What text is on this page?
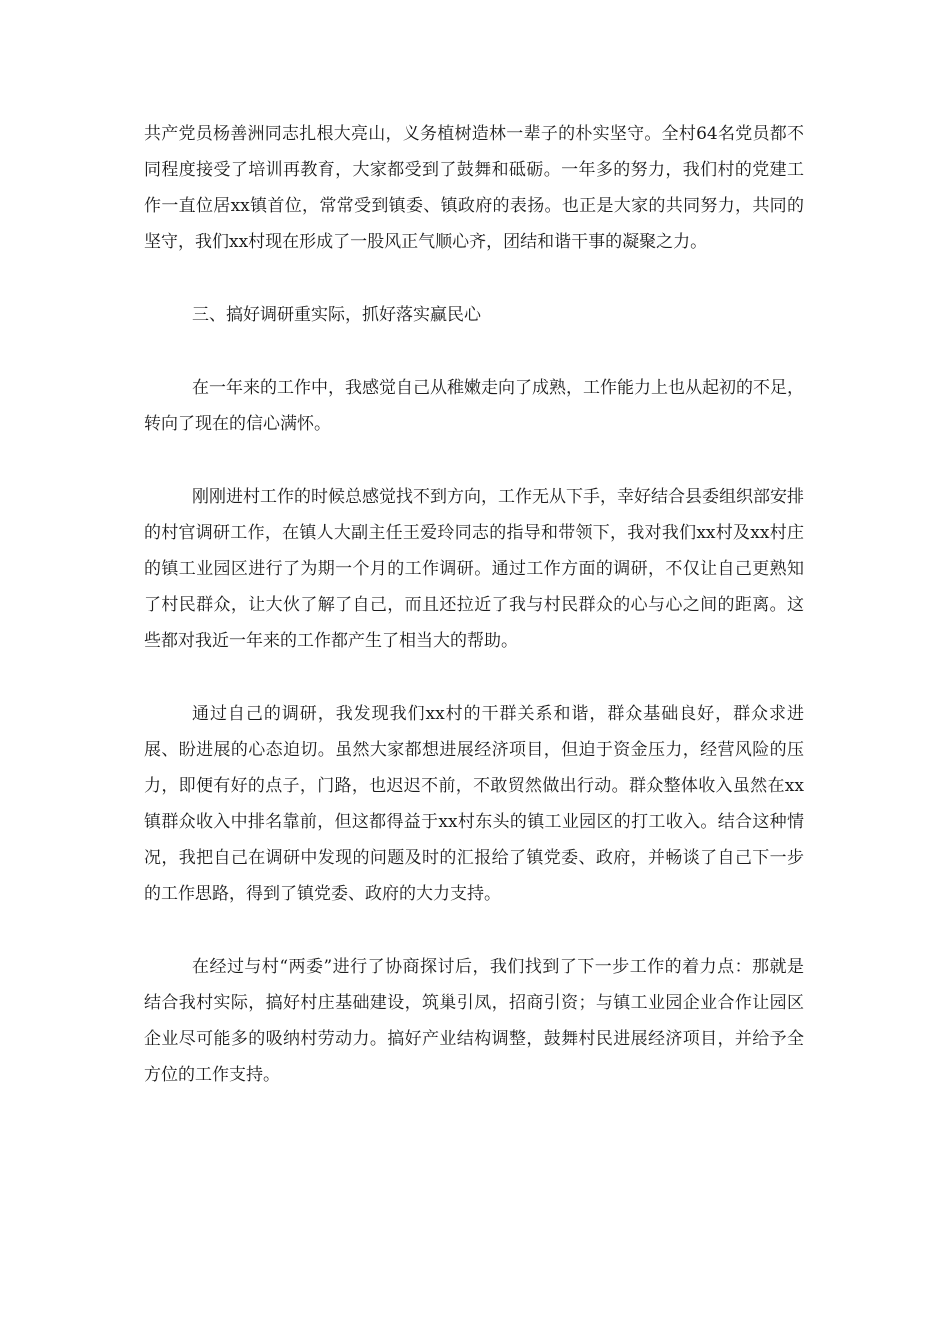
共产党员杨善洲同志扎根大亮山，义务植树造林一辈子的朴实坚守。全村64名党员都不同程度接受了培训再教育，大家都受到了鼓舞和砥砺。一年多的努力，我们村的党建工作一直位居xx镇首位，常常受到镇委、镇政府的表扬。也正是大家的共同努力，共同的坚守，我们xx村现在形成了一股风正气顺心齐，团结和谐干事的凝聚之力。

三、搞好调研重实际，抓好落实赢民心

在一年来的工作中，我感觉自己从稚嫩走向了成熟，工作能力上也从起初的不足，转向了现在的信心满怀。

刚刚进村工作的时候总感觉找不到方向，工作无从下手，幸好结合县委组织部安排的村官调研工作，在镇人大副主任王爱玲同志的指导和带领下，我对我们xx村及xx村庄的镇工业园区进行了为期一个月的工作调研。通过工作方面的调研，不仅让自己更熟知了村民群众，让大伙了解了自己，而且还拉近了我与村民群众的心与心之间的距离。这些都对我近一年来的工作都产生了相当大的帮助。

通过自己的调研，我发现我们xx村的干群关系和谐，群众基础良好，群众求进展、盼进展的心态迫切。虽然大家都想进展经济项目，但迫于资金压力，经营风险的压力，即便有好的点子，门路，也迟迟不前，不敢贸然做出行动。群众整体收入虽然在xx镇群众收入中排名靠前，但这都得益于xx村东头的镇工业园区的打工收入。结合这种情况，我把自己在调研中发现的问题及时的汇报给了镇党委、政府，并畅谈了自己下一步的工作思路，得到了镇党委、政府的大力支持。

在经过与村“两委”进行了协商探讨后，我们找到了下一步工作的着力点：那就是结合我村实际，搞好村庄基础建设，筑巢引凤，招商引资；与镇工业园企业合作让园区企业尽可能多的吸纳村劳动力。搞好产业结构调整，鼓舞村民进展经济项目，并给予全方位的工作支持。
